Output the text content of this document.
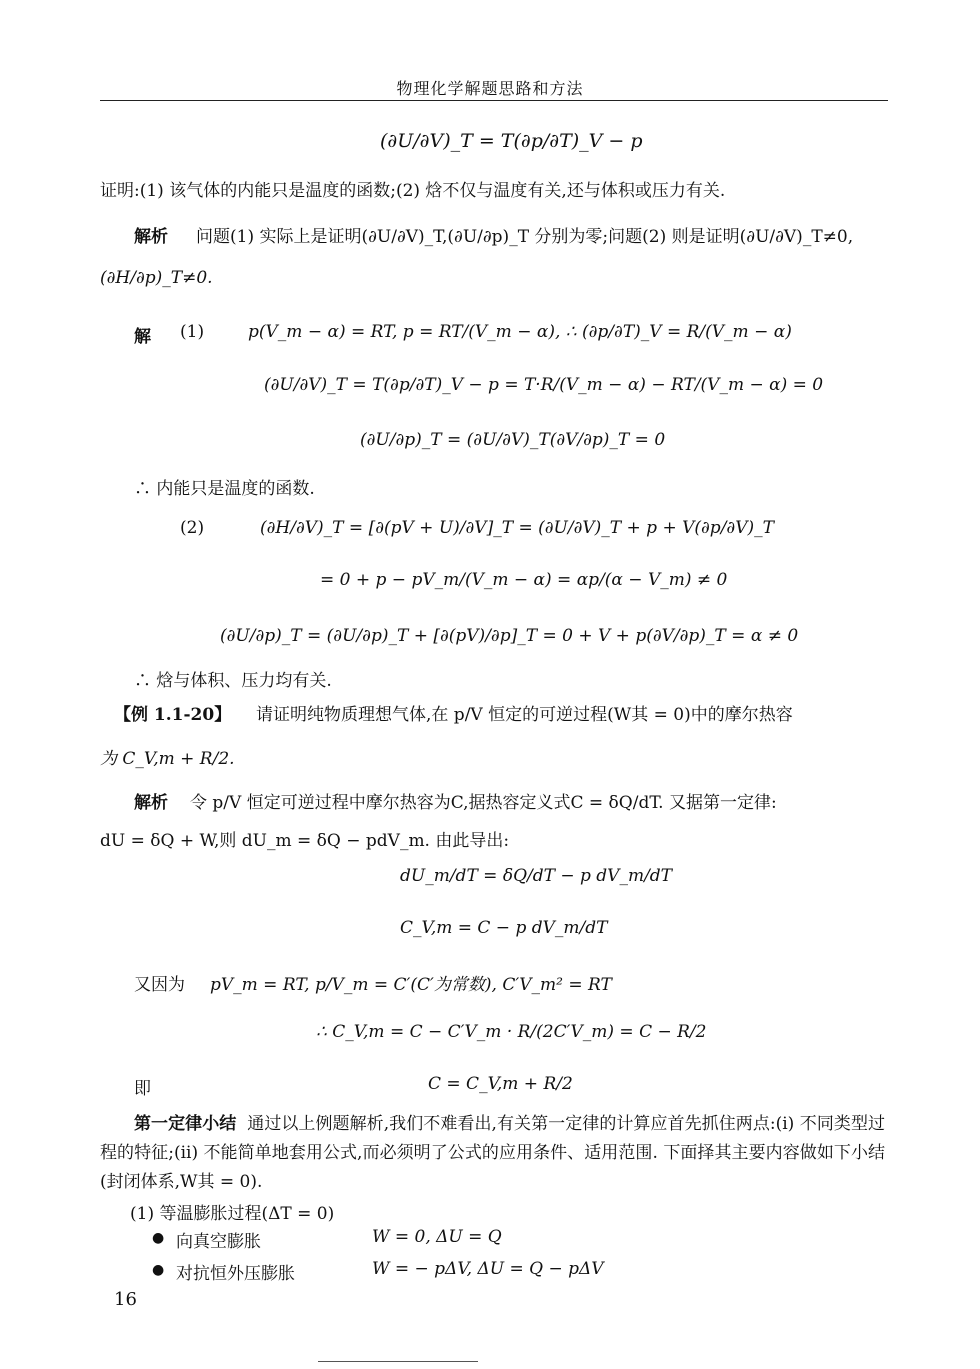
物理化学解题思路和方法
(∂U/∂V)_T = T(∂p/∂T)_V − p
证明:(1) 该气体的内能只是温度的函数;(2) 焓不仅与温度有关,还与体积或压力有关.
解析 问题(1) 实际上是证明(∂U/∂V)_T,(∂U/∂p)_T 分别为零;问题(2) 则是证明(∂U/∂V)_T≠0,
(∂H/∂p)_T≠0.
解 (1)	p(V_m − α) = RT, p = RT/(V_m − α), ∴ (∂p/∂T)_V = R/(V_m − α)
(∂U/∂V)_T = T(∂p/∂T)_V − p = T·R/(V_m − α) − RT/(V_m − α) = 0
(∂U/∂p)_T = (∂U/∂V)_T(∂V/∂p)_T = 0
∴ 内能只是温度的函数.
(2)	(∂H/∂V)_T = [∂(pV + U)/∂V]_T = (∂U/∂V)_T + p + V(∂p/∂V)_T
= 0 + p − pV_m/(V_m − α) = αp/(α − V_m) ≠ 0
(∂U/∂p)_T = (∂U/∂p)_T + [∂(pV)/∂p]_T = 0 + V + p(∂V/∂p)_T = α ≠ 0
∴ 焓与体积、压力均有关.
【例 1.1-20】 请证明纯物质理想气体,在 p/V 恒定的可逆过程(W其 = 0)中的摩尔热容
为 C_V,m + R/2.
解析 令 p/V 恒定可逆过程中摩尔热容为C,据热容定义式C = δQ/dT. 又据第一定律:
dU = δQ + W,则 dU_m = δQ − pdV_m. 由此导出:
dU_m/dT = δQ/dT − p dV_m/dT
C_V,m = C − p dV_m/dT
又因为 pV_m = RT, p/V_m = C′(C′为常数), C′V_m² = RT
∴ C_V,m = C − C′V_m · R/(2C′V_m) = C − R/2
即	C = C_V,m + R/2
第一定律小结 通过以上例题解析,我们不难看出,有关第一定律的计算应首先抓住两点:(i) 不同类型过程的特征;(ii) 不能简单地套用公式,而必须明了公式的应用条件、适用范围. 下面择其主要内容做如下小结(封闭体系,W其 = 0).
(1) 等温膨胀过程(ΔT = 0)
● 向真空膨胀	W = 0, ΔU = Q
● 对抗恒外压膨胀	W = − pΔV, ΔU = Q − pΔV
16
